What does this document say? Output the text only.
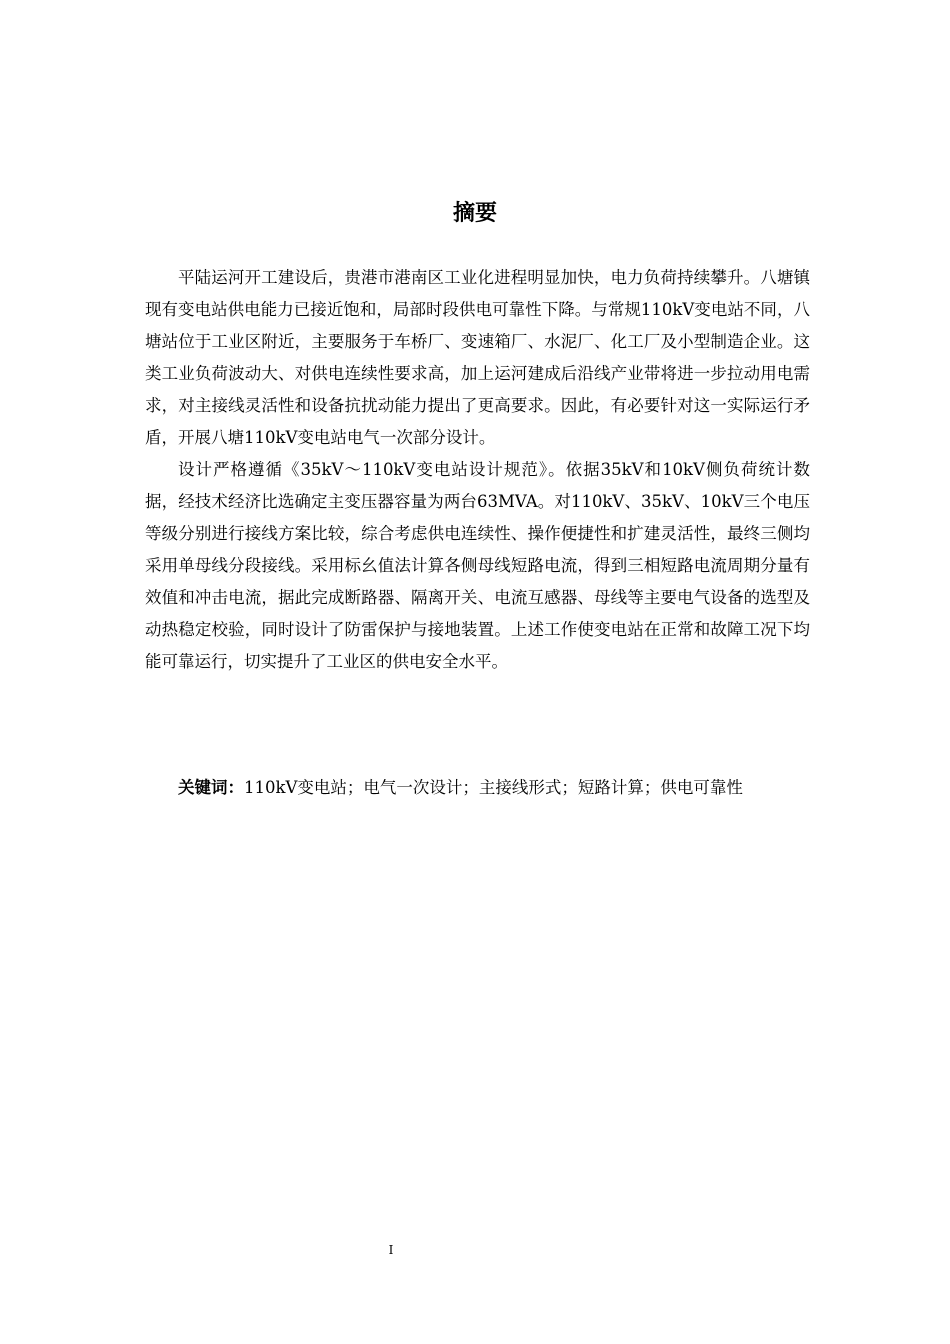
摘要

平陆运河开工建设后，贵港市港南区工业化进程明显加快，电力负荷持续攀升。八塘镇现有变电站供电能力已接近饱和，局部时段供电可靠性下降。与常规110kV变电站不同，八塘站位于工业区附近，主要服务于车桥厂、变速箱厂、水泥厂、化工厂及小型制造企业。这类工业负荷波动大、对供电连续性要求高，加上运河建成后沿线产业带将进一步拉动用电需求，对主接线灵活性和设备抗扰动能力提出了更高要求。因此，有必要针对这一实际运行矛盾，开展八塘110kV变电站电气一次部分设计。

设计严格遵循《35kV～110kV变电站设计规范》。依据35kV和10kV侧负荷统计数据，经技术经济比选确定主变压器容量为两台63MVA。对110kV、35kV、10kV三个电压等级分别进行接线方案比较，综合考虑供电连续性、操作便捷性和扩建灵活性，最终三侧均采用单母线分段接线。采用标幺值法计算各侧母线短路电流，得到三相短路电流周期分量有效值和冲击电流，据此完成断路器、隔离开关、电流互感器、母线等主要电气设备的选型及动热稳定校验，同时设计了防雷保护与接地装置。上述工作使变电站在正常和故障工况下均能可靠运行，切实提升了工业区的供电安全水平。

关键词：110kV变电站；电气一次设计；主接线形式；短路计算；供电可靠性
I
